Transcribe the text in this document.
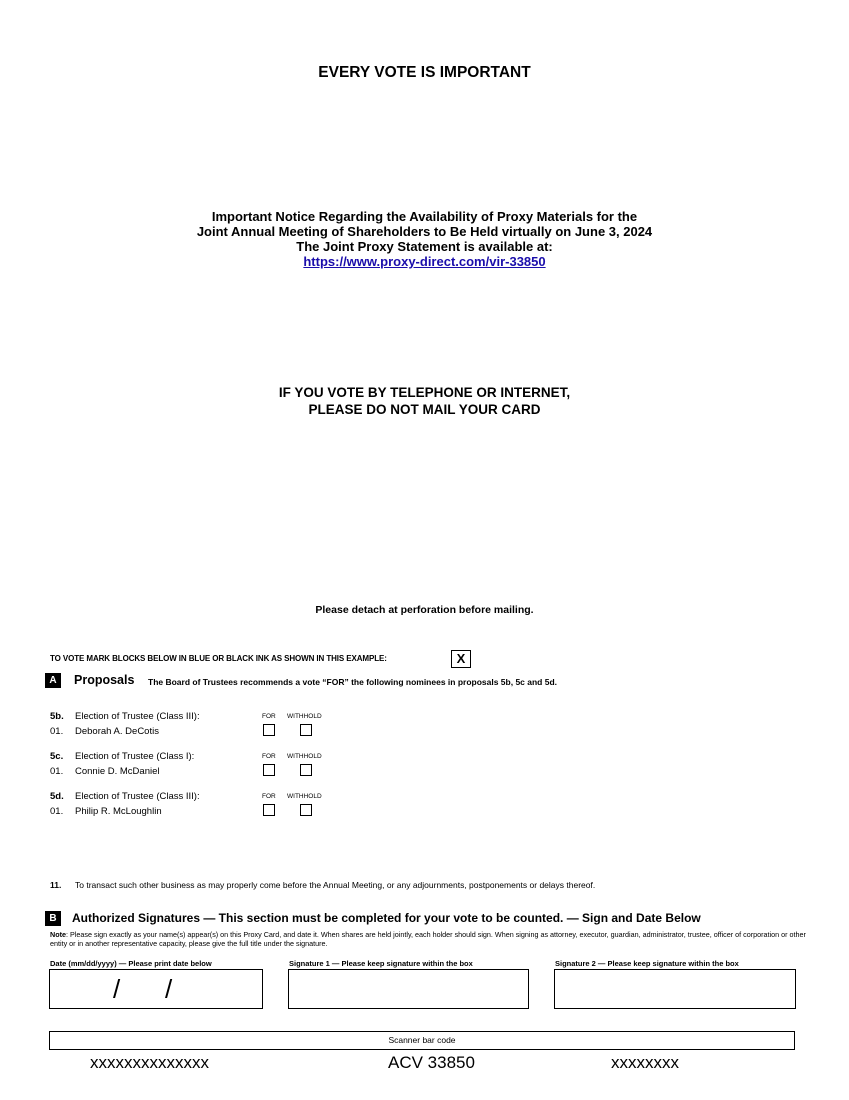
EVERY VOTE IS IMPORTANT
Important Notice Regarding the Availability of Proxy Materials for the
Joint Annual Meeting of Shareholders to Be Held virtually on June 3, 2024
The Joint Proxy Statement is available at:
https://www.proxy-direct.com/vir-33850
IF YOU VOTE BY TELEPHONE OR INTERNET,
PLEASE DO NOT MAIL YOUR CARD
Please detach at perforation before mailing.
TO VOTE MARK BLOCKS BELOW IN BLUE OR BLACK INK AS SHOWN IN THIS EXAMPLE:	X
A	Proposals The Board of Trustees recommends a vote “FOR” the following nominees in proposals 5b, 5c and 5d.
5b. Election of Trustee (Class III):	FOR WITHHOLD
01. Deborah A. DeCotis
5c. Election of Trustee (Class I):	FOR WITHHOLD
01. Connie D. McDaniel
5d. Election of Trustee (Class III):	FOR WITHHOLD
01. Philip R. McLoughlin
11. To transact such other business as may properly come before the Annual Meeting, or any adjournments, postponements or delays thereof.
B	Authorized Signatures — This section must be completed for your vote to be counted. — Sign and Date Below
Note: Please sign exactly as your name(s) appear(s) on this Proxy Card, and date it. When shares are held jointly, each holder should sign. When signing as attorney, executor, guardian, administrator, trustee, officer of corporation or other entity or in another representative capacity, please give the full title under the signature.
Date (mm/dd/yyyy) — Please print date below	Signature 1 — Please keep signature within the box	Signature 2 — Please keep signature within the box
/ /
Scanner bar code
xxxxxxxxxxxxxx	ACV 33850	xxxxxxxx
